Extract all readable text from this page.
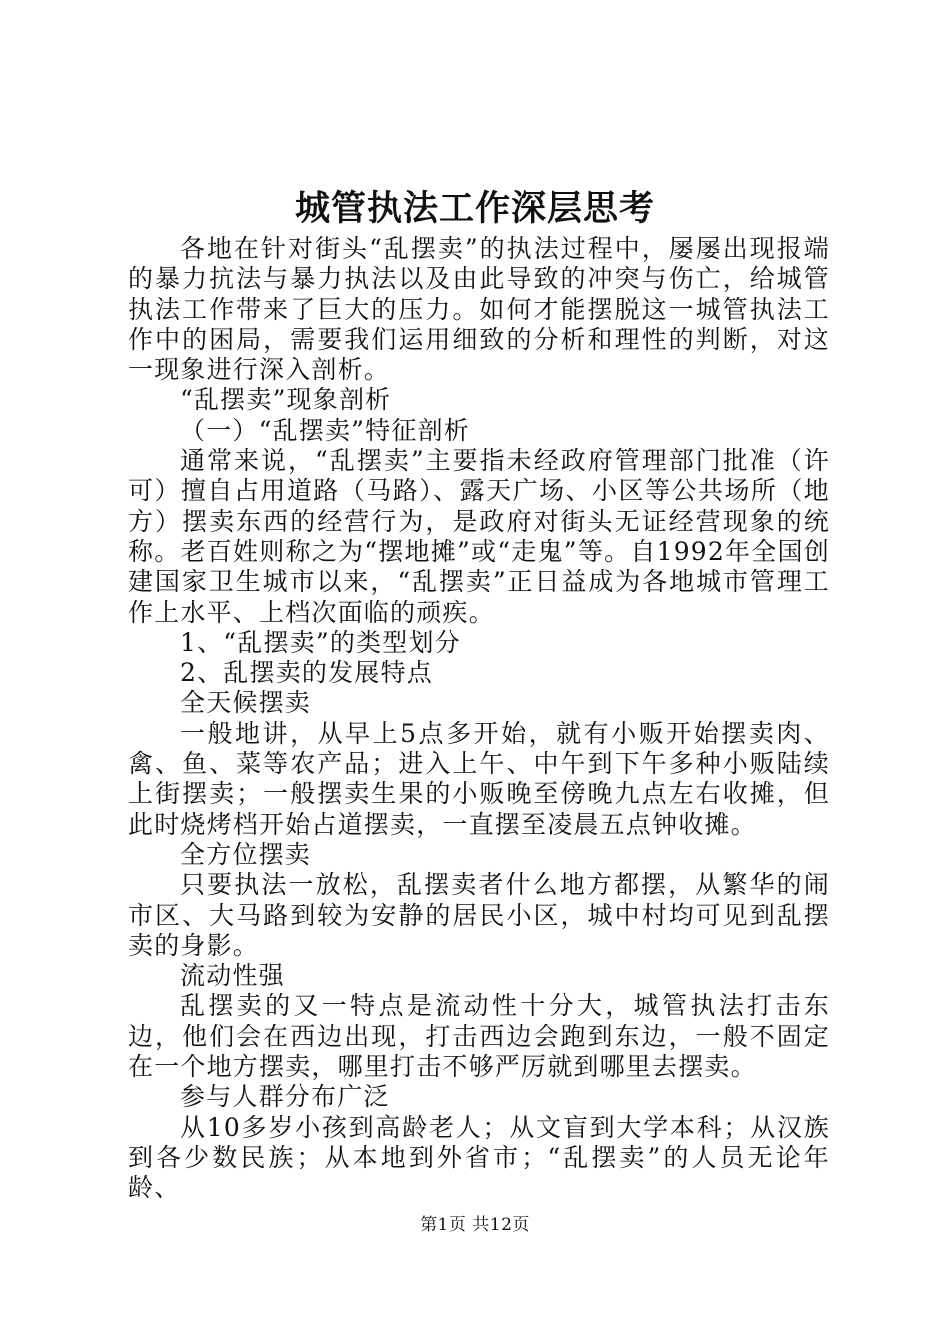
城管执法工作深层思考

各地在针对街头“乱摆卖”的执法过程中，屡屡出现报端的暴力抗法与暴力执法以及由此导致的冲突与伤亡，给城管执法工作带来了巨大的压力。如何才能摆脱这一城管执法工作中的困局，需要我们运用细致的分析和理性的判断，对这一现象进行深入剖析。

“乱摆卖”现象剖析

（一）“乱摆卖”特征剖析

通常来说，“乱摆卖”主要指未经政府管理部门批准（许可）擅自占用道路（马路）、露天广场、小区等公共场所（地方）摆卖东西的经营行为，是政府对街头无证经营现象的统称。老百姓则称之为“摆地摊”或“走鬼”等。自1992年全国创建国家卫生城市以来，“乱摆卖”正日益成为各地城市管理工作上水平、上档次面临的顽疾。

1、“乱摆卖”的类型划分

2、乱摆卖的发展特点

全天候摆卖

一般地讲，从早上5点多开始，就有小贩开始摆卖肉、禽、鱼、菜等农产品；进入上午、中午到下午多种小贩陆续上街摆卖；一般摆卖生果的小贩晚至傍晚九点左右收摊，但此时烧烤档开始占道摆卖，一直摆至凌晨五点钟收摊。

全方位摆卖

只要执法一放松，乱摆卖者什么地方都摆，从繁华的闹市区、大马路到较为安静的居民小区，城中村均可见到乱摆卖的身影。

流动性强

乱摆卖的又一特点是流动性十分大，城管执法打击东边，他们会在西边出现，打击西边会跑到东边，一般不固定在一个地方摆卖，哪里打击不够严厉就到哪里去摆卖。

参与人群分布广泛

从10多岁小孩到高龄老人；从文盲到大学本科；从汉族到各少数民族；从本地到外省市；“乱摆卖”的人员无论年龄、

第1页 共12页
